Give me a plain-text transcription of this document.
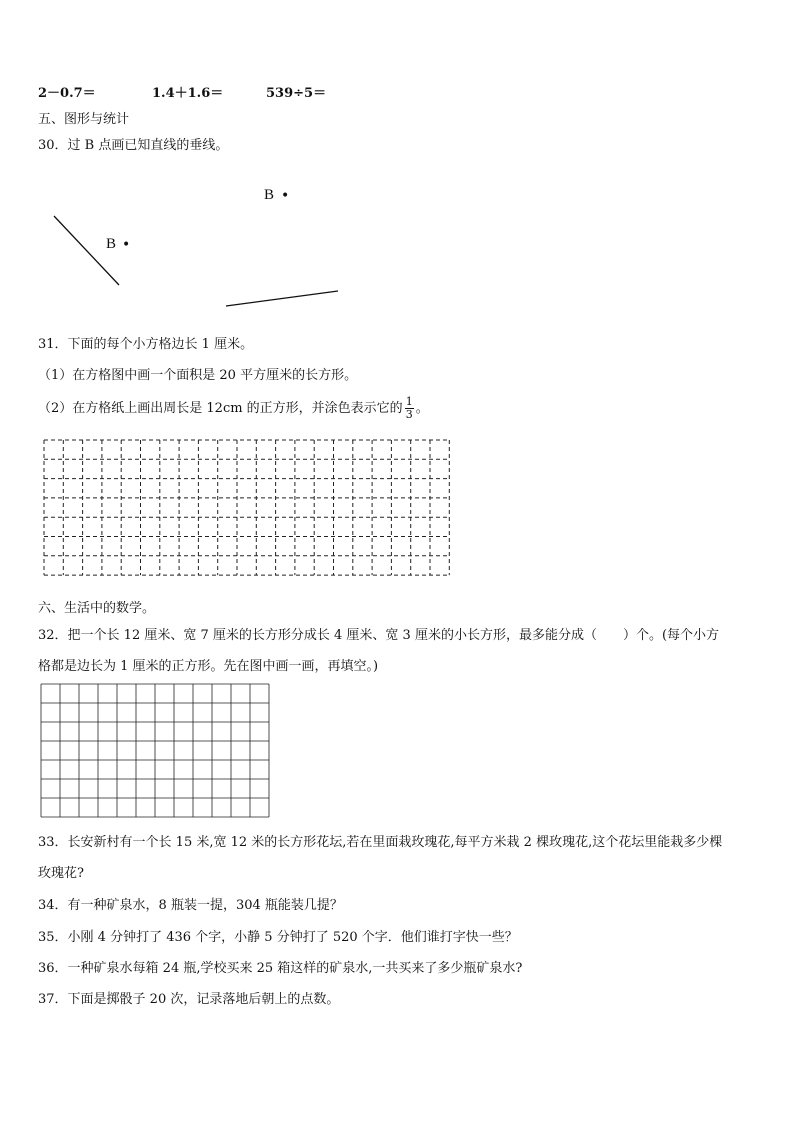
2－0.7＝	1.4＋1.6＝	539÷5＝
五、图形与统计
30．过 B 点画已知直线的垂线。
B •
B •
31．下面的每个小方格边长 1 厘米。
（1）在方格图中画一个面积是 20 平方厘米的长方形。
（2）在方格纸上画出周长是 12cm 的正方形，并涂色表示它的 $\frac{1}{3}$ 。
六、生活中的数学。
32．把一个长 12 厘米、宽 7 厘米的长方形分成长 4 厘米、宽 3 厘米的小长方形，最多能分成（　　）个。(每个小方
格都是边长为 1 厘米的正方形。先在图中画一画，再填空。)
33．长安新村有一个长 15 米,宽 12 米的长方形花坛,若在里面栽玫瑰花,每平方米栽 2 棵玫瑰花,这个花坛里能栽多少棵
玫瑰花?
34．有一种矿泉水，8 瓶装一提，304 瓶能装几提？
35．小刚 4 分钟打了 436 个字，小静 5 分钟打了 520 个字．他们谁打字快一些？
36．一种矿泉水每箱 24 瓶,学校买来 25 箱这样的矿泉水,一共买来了多少瓶矿泉水?
37．下面是掷骰子 20 次，记录落地后朝上的点数。
